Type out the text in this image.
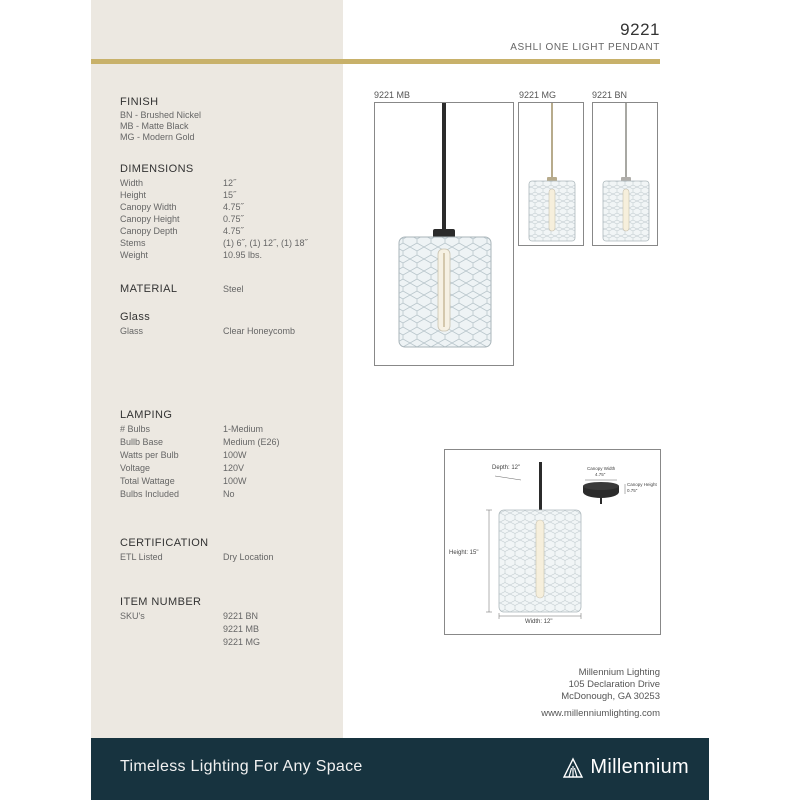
9221
ASHLI ONE LIGHT PENDANT
FINISH
BN - Brushed Nickel
MB - Matte Black
MG - Modern Gold
DIMENSIONS
Width	12˝
Height	15˝
Canopy Width	4.75˝
Canopy Height	0.75˝
Canopy Depth	4.75˝
Stems	(1) 6˝, (1) 12˝, (1) 18˝
Weight	10.95 lbs.
MATERIAL	Steel
Glass
Glass	Clear Honeycomb
LAMPING
# Bulbs	1-Medium
Bullb Base	Medium (E26)
Watts per Bulb	100W
Voltage	120V
Total Wattage	100W
Bulbs Included	No
CERTIFICATION
ETL Listed	Dry Location
ITEM NUMBER
SKU's	9221 BN
9221 MB
9221 MG
9221 MB	9221 MG	9221 BN
Depth: 12"
Height: 15"
Width: 12"
Canopy Width
4.75"
Canopy Height
0.75"
Millennium Lighting
105 Declaration Drive
McDonough, GA 30253
www.millenniumlighting.com
Timeless Lighting For Any Space	Millennium
